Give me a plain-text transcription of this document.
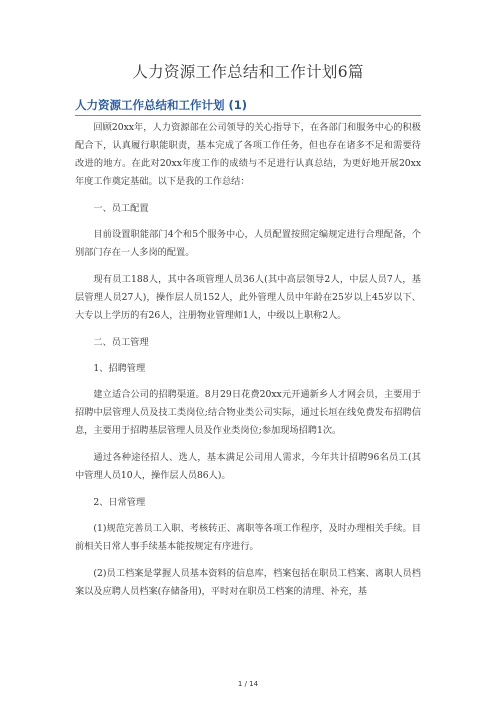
人力资源工作总结和工作计划6篇
人力资源工作总结和工作计划 (1)

回顾20xx年，人力资源部在公司领导的关心指导下，在各部门和服务中心的积极配合下，认真履行职能职责，基本完成了各项工作任务，但也存在诸多不足和需要待改进的地方。在此对20xx年度工作的成绩与不足进行认真总结，为更好地开展20xx年度工作奠定基础。以下是我的工作总结：

一、员工配置

目前设置职能部门4个和5个服务中心，人员配置按照定编规定进行合理配备，个别部门存在一人多岗的配置。

现有员工188人，其中各项管理人员36人(其中高层领导2人，中层人员7人，基层管理人员27人)，操作层人员152人，此外管理人员中年龄在25岁以上45岁以下、大专以上学历的有26人，注册物业管理师1人，中级以上职称2人。

二、员工管理

1、招聘管理

建立适合公司的招聘渠道。8月29日花费20xx元开通新乡人才网会员，主要用于招聘中层管理人员及技工类岗位;结合物业类公司实际，通过长垣在线免费发布招聘信息，主要用于招聘基层管理人员及作业类岗位;参加现场招聘1次。

通过各种途径招人、选人，基本满足公司用人需求，今年共计招聘96名员工(其中管理人员10人，操作层人员86人)。

2、日常管理

(1)规范完善员工入职、考核转正、离职等各项工作程序，及时办理相关手续。目前相关日常人事手续基本能按规定有序进行。

(2)员工档案是掌握人员基本资料的信息库，档案包括在职员工档案、离职人员档案以及应聘人员档案(存储备用)，平时对在职员工档案的清理、补充，基

1 / 14
